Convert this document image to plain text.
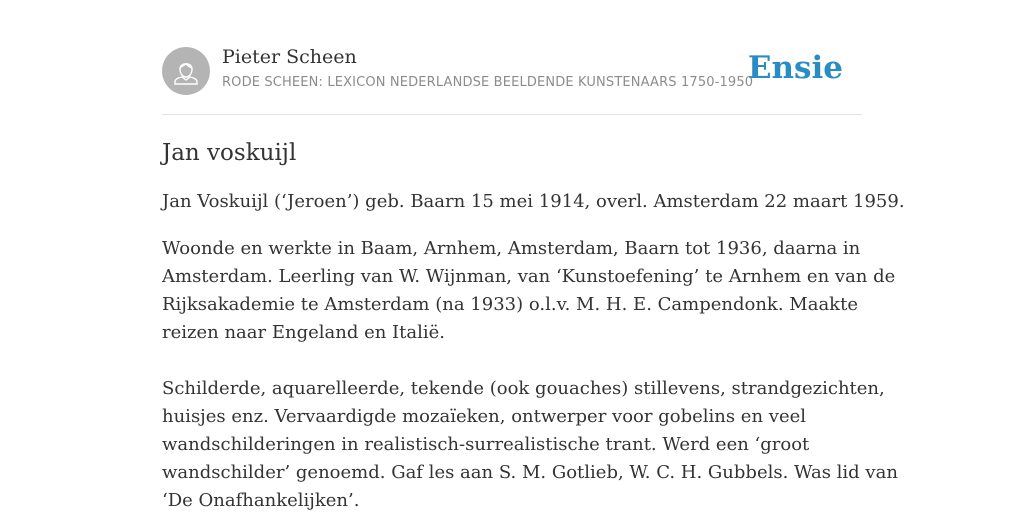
Pieter Scheen
RODE SCHEEN: LEXICON NEDERLANDSE BEELDENDE KUNSTENAARS 1750-1950
Ensie
Jan voskuijl

Jan Voskuijl (‘Jeroen’) geb. Baarn 15 mei 1914, overl. Amsterdam 22 maart 1959.

Woonde en werkte in Baam, Arnhem, Amsterdam, Baarn tot 1936, daarna in
Amsterdam. Leerling van W. Wijnman, van ‘Kunstoefening’ te Arnhem en van de
Rijksakademie te Amsterdam (na 1933) o.l.v. M. H. E. Campendonk. Maakte
reizen naar Engeland en Italië.

Schilderde, aquarelleerde, tekende (ook gouaches) stillevens, strandgezichten,
huisjes enz. Vervaardigde mozaïeken, ontwerper voor gobelins en veel
wandschilderingen in realistisch-surrealistische trant. Werd een ‘groot
wandschilder’ genoemd. Gaf les aan S. M. Gotlieb, W. C. H. Gubbels. Was lid van
‘De Onafhankelijken’.
